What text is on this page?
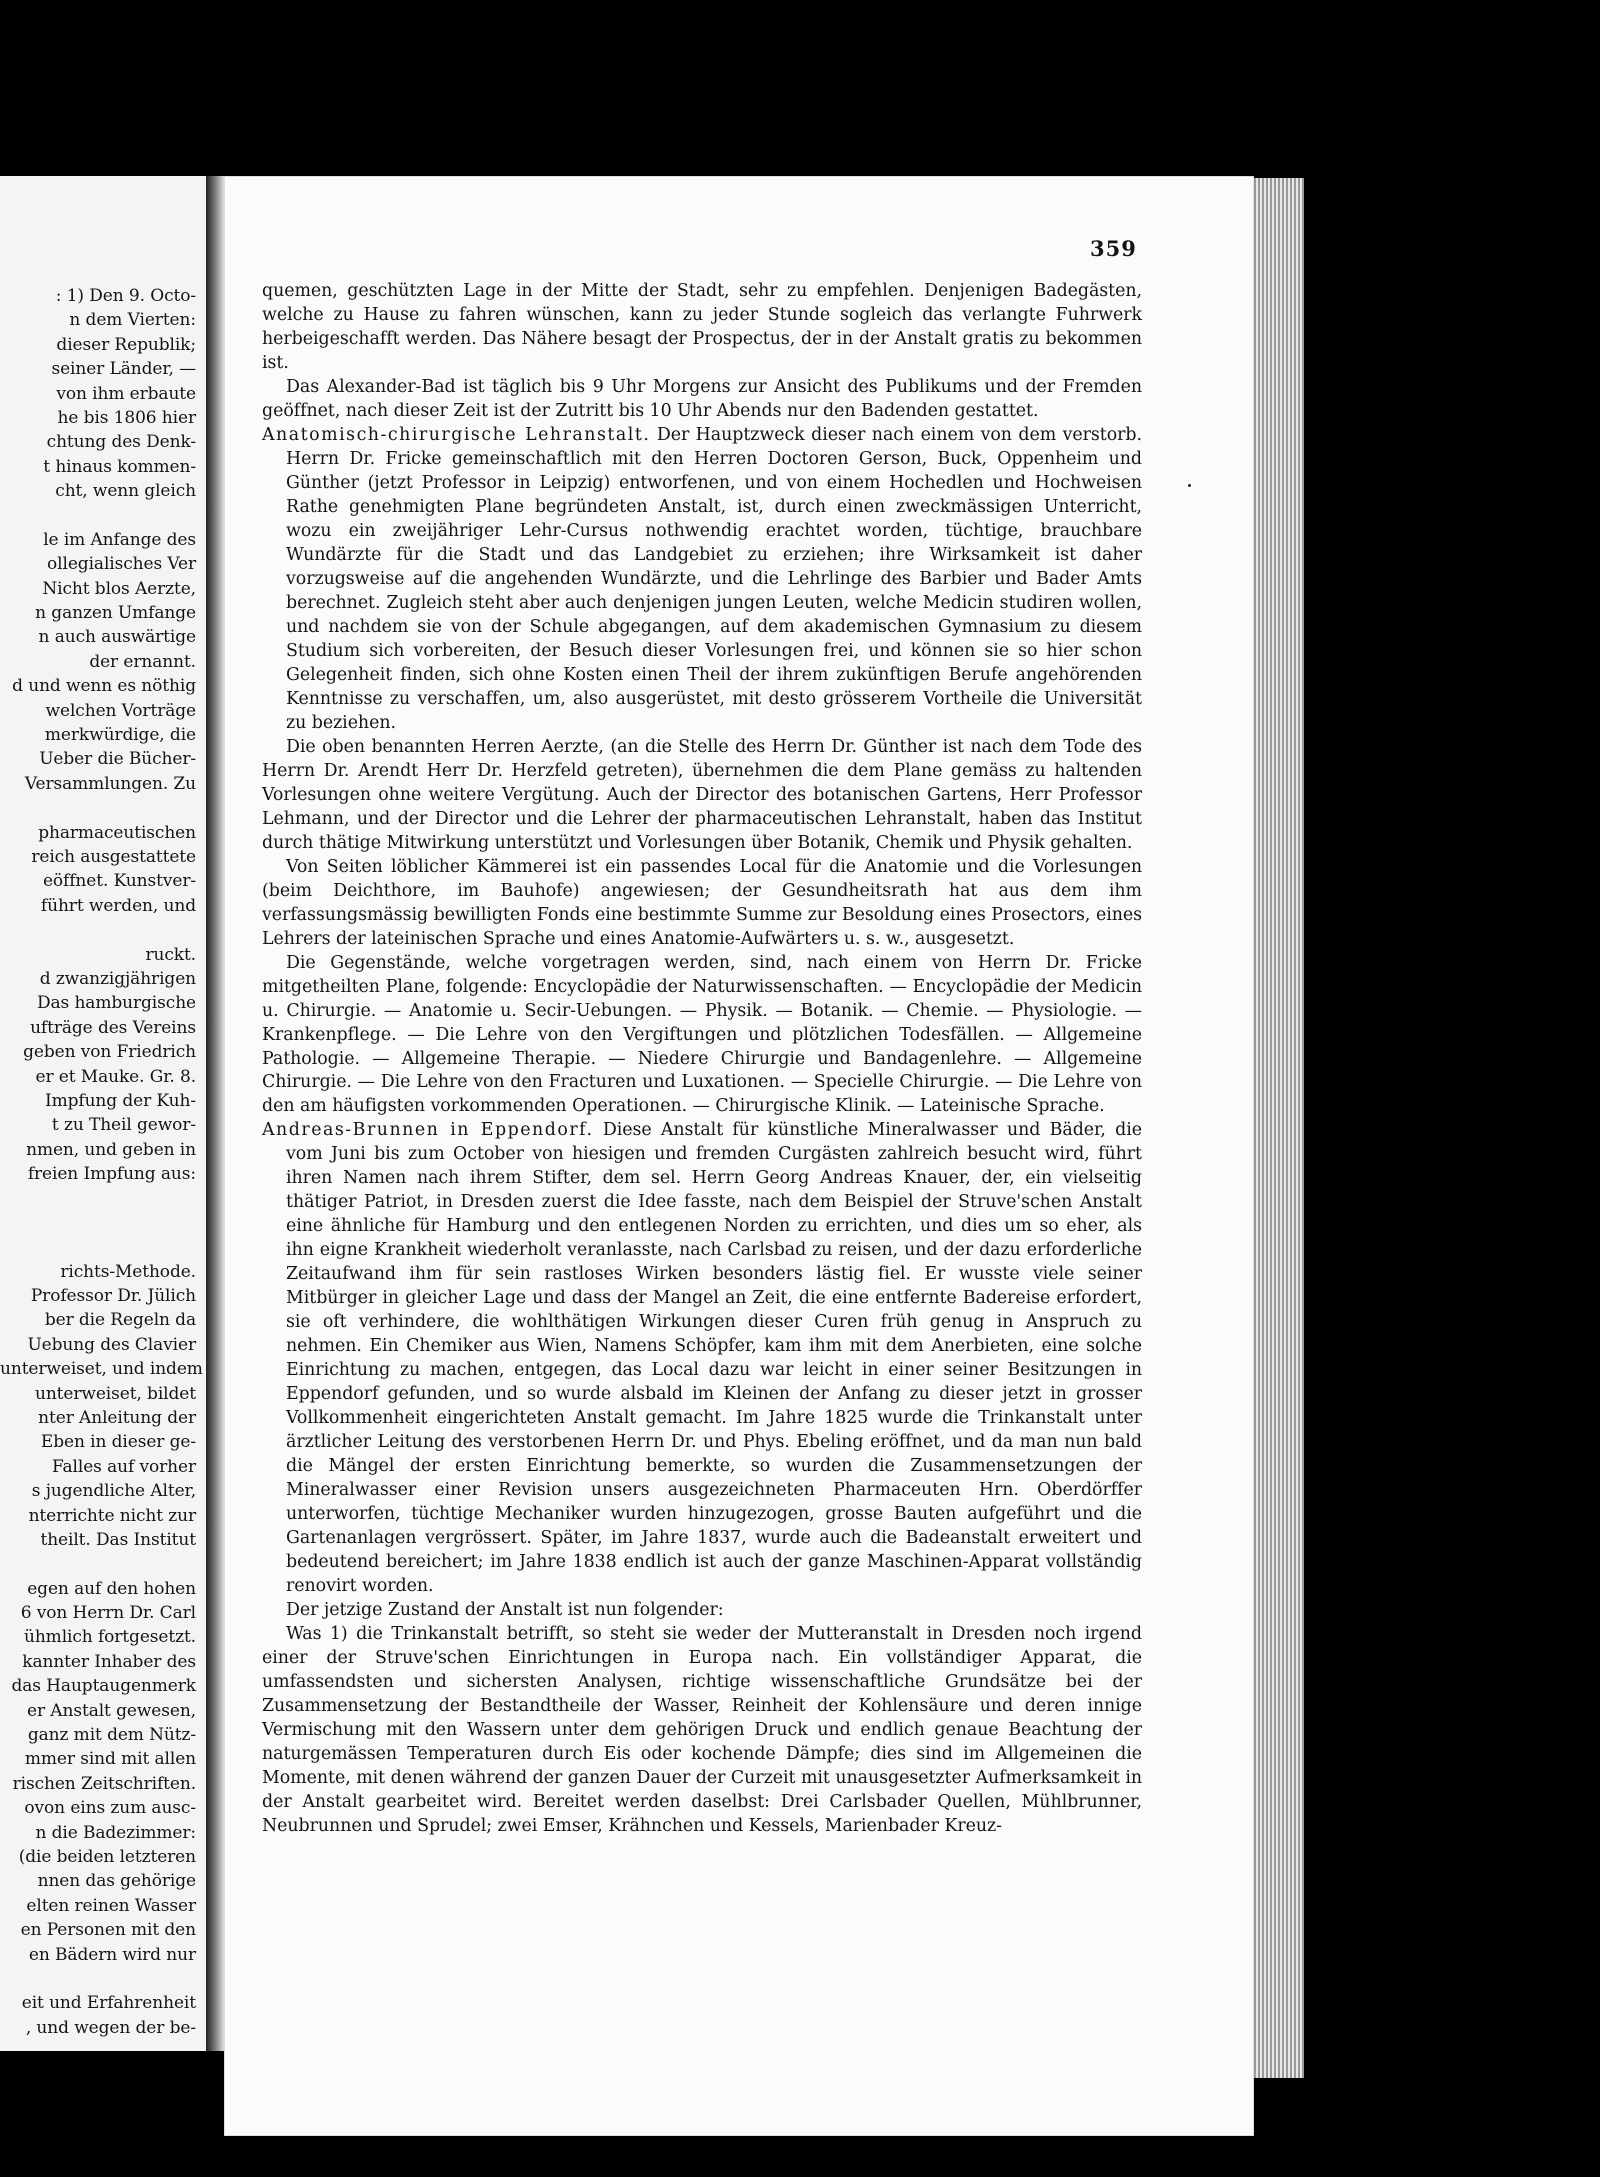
: 1) Den 9. Octo-
n dem Vierten:
dieser Republik;
seiner Länder, —
von ihm erbaute
he bis 1806 hier
chtung des Denk-
t hinaus kommen-
cht, wenn gleich
le im Anfange des
ollegialisches Ver
Nicht blos Aerzte,
n ganzen Umfange
n auch auswärtige
der ernannt.
d und wenn es nöthig
welchen Vorträge
merkwürdige, die
Ueber die Bücher-
Versammlungen. Zu
pharmaceutischen
reich ausgestattete
eöffnet. Kunstver-
führt werden, und
ruckt.
d zwanzigjährigen
Das hamburgische
ufträge des Vereins
geben von Friedrich
er et Mauke. Gr. 8.
Impfung der Kuh-
t zu Theil gewor-
nmen, und geben in
freien Impfung aus:
richts-Methode.
Professor Dr. Jülich
ber die Regeln da
Uebung des Clavier
unterweiset, und indem
unterweiset, bildet
nter Anleitung der
Eben in dieser ge-
Falles auf vorher
s jugendliche Alter,
nterrichte nicht zur
theilt. Das Institut
egen auf den hohen
6 von Herrn Dr. Carl
ühmlich fortgesetzt.
kannter Inhaber des
das Hauptaugenmerk
er Anstalt gewesen,
ganz mit dem Nütz-
mmer sind mit allen
rischen Zeitschriften.
ovon eins zum ausc-
n die Badezimmer:
(die beiden letzteren
nnen das gehörige
elten reinen Wasser
en Personen mit den
en Bädern wird nur
eit und Erfahrenheit
, und wegen der be-
359

quemen, geschützten Lage in der Mitte der Stadt, sehr zu empfehlen. Denjenigen Badegästen, welche zu Hause zu fahren wünschen, kann zu jeder Stunde sogleich das verlangte Fuhrwerk herbeigeschafft werden. Das Nähere besagt der Prospectus, der in der Anstalt gratis zu bekommen ist.

Das Alexander-Bad ist täglich bis 9 Uhr Morgens zur Ansicht des Publikums und der Fremden geöffnet, nach dieser Zeit ist der Zutritt bis 10 Uhr Abends nur den Badenden gestattet.

Anatomisch-chirurgische Lehranstalt. Der Hauptzweck dieser nach einem von dem verstorb. Herrn Dr. Fricke gemeinschaftlich mit den Herren Doctoren Gerson, Buck, Oppenheim und Günther (jetzt Professor in Leipzig) entworfenen, und von einem Hochedlen und Hochweisen Rathe genehmigten Plane begründeten Anstalt, ist, durch einen zweckmässigen Unterricht, wozu ein zweijähriger Lehr-Cursus nothwendig erachtet worden, tüchtige, brauchbare Wundärzte für die Stadt und das Landgebiet zu erziehen; ihre Wirksamkeit ist daher vorzugsweise auf die angehenden Wundärzte, und die Lehrlinge des Barbier und Bader Amts berechnet. Zugleich steht aber auch denjenigen jungen Leuten, welche Medicin studiren wollen, und nachdem sie von der Schule abgegangen, auf dem akademischen Gymnasium zu diesem Studium sich vorbereiten, der Besuch dieser Vorlesungen frei, und können sie so hier schon Gelegenheit finden, sich ohne Kosten einen Theil der ihrem zukünftigen Berufe angehörenden Kenntnisse zu verschaffen, um, also ausgerüstet, mit desto grösserem Vortheile die Universität zu beziehen.

Die oben benannten Herren Aerzte, (an die Stelle des Herrn Dr. Günther ist nach dem Tode des Herrn Dr. Arendt Herr Dr. Herzfeld getreten), übernehmen die dem Plane gemäss zu haltenden Vorlesungen ohne weitere Vergütung. Auch der Director des botanischen Gartens, Herr Professor Lehmann, und der Director und die Lehrer der pharmaceutischen Lehranstalt, haben das Institut durch thätige Mitwirkung unterstützt und Vorlesungen über Botanik, Chemik und Physik gehalten.

Von Seiten löblicher Kämmerei ist ein passendes Local für die Anatomie und die Vorlesungen (beim Deichthore, im Bauhofe) angewiesen; der Gesundheitsrath hat aus dem ihm verfassungsmässig bewilligten Fonds eine bestimmte Summe zur Besoldung eines Prosectors, eines Lehrers der lateinischen Sprache und eines Anatomie-Aufwärters u. s. w., ausgesetzt.

Die Gegenstände, welche vorgetragen werden, sind, nach einem von Herrn Dr. Fricke mitgetheilten Plane, folgende: Encyclopädie der Naturwissenschaften. — Encyclopädie der Medicin u. Chirurgie. — Anatomie u. Secir-Uebungen. — Physik. — Botanik. — Chemie. — Physiologie. — Krankenpflege. — Die Lehre von den Vergiftungen und plötzlichen Todesfällen. — Allgemeine Pathologie. — Allgemeine Therapie. — Niedere Chirurgie und Bandagenlehre. — Allgemeine Chirurgie. — Die Lehre von den Fracturen und Luxationen. — Specielle Chirurgie. — Die Lehre von den am häufigsten vorkommenden Operationen. — Chirurgische Klinik. — Lateinische Sprache.

Andreas-Brunnen in Eppendorf. Diese Anstalt für künstliche Mineralwasser und Bäder, die vom Juni bis zum October von hiesigen und fremden Curgästen zahlreich besucht wird, führt ihren Namen nach ihrem Stifter, dem sel. Herrn Georg Andreas Knauer, der, ein vielseitig thätiger Patriot, in Dresden zuerst die Idee fasste, nach dem Beispiel der Struve'schen Anstalt eine ähnliche für Hamburg und den entlegenen Norden zu errichten, und dies um so eher, als ihn eigne Krankheit wiederholt veranlasste, nach Carlsbad zu reisen, und der dazu erforderliche Zeitaufwand ihm für sein rastloses Wirken besonders lästig fiel. Er wusste viele seiner Mitbürger in gleicher Lage und dass der Mangel an Zeit, die eine entfernte Badereise erfordert, sie oft verhindere, die wohlthätigen Wirkungen dieser Curen früh genug in Anspruch zu nehmen. Ein Chemiker aus Wien, Namens Schöpfer, kam ihm mit dem Anerbieten, eine solche Einrichtung zu machen, entgegen, das Local dazu war leicht in einer seiner Besitzungen in Eppendorf gefunden, und so wurde alsbald im Kleinen der Anfang zu dieser jetzt in grosser Vollkommenheit eingerichteten Anstalt gemacht. Im Jahre 1825 wurde die Trinkanstalt unter ärztlicher Leitung des verstorbenen Herrn Dr. und Phys. Ebeling eröffnet, und da man nun bald die Mängel der ersten Einrichtung bemerkte, so wurden die Zusammensetzungen der Mineralwasser einer Revision unsers ausgezeichneten Pharmaceuten Hrn. Oberdörffer unterworfen, tüchtige Mechaniker wurden hinzugezogen, grosse Bauten aufgeführt und die Gartenanlagen vergrössert. Später, im Jahre 1837, wurde auch die Badeanstalt erweitert und bedeutend bereichert; im Jahre 1838 endlich ist auch der ganze Maschinen-Apparat vollständig renovirt worden.

Der jetzige Zustand der Anstalt ist nun folgender:

Was 1) die Trinkanstalt betrifft, so steht sie weder der Mutteranstalt in Dresden noch irgend einer der Struve'schen Einrichtungen in Europa nach. Ein vollständiger Apparat, die umfassendsten und sichersten Analysen, richtige wissenschaftliche Grundsätze bei der Zusammensetzung der Bestandtheile der Wasser, Reinheit der Kohlensäure und deren innige Vermischung mit den Wassern unter dem gehörigen Druck und endlich genaue Beachtung der naturgemässen Temperaturen durch Eis oder kochende Dämpfe; dies sind im Allgemeinen die Momente, mit denen während der ganzen Dauer der Curzeit mit unausgesetzter Aufmerksamkeit in der Anstalt gearbeitet wird. Bereitet werden daselbst: Drei Carlsbader Quellen, Mühlbrunner, Neubrunnen und Sprudel; zwei Emser, Krähnchen und Kessels, Marienbader Kreuz-
